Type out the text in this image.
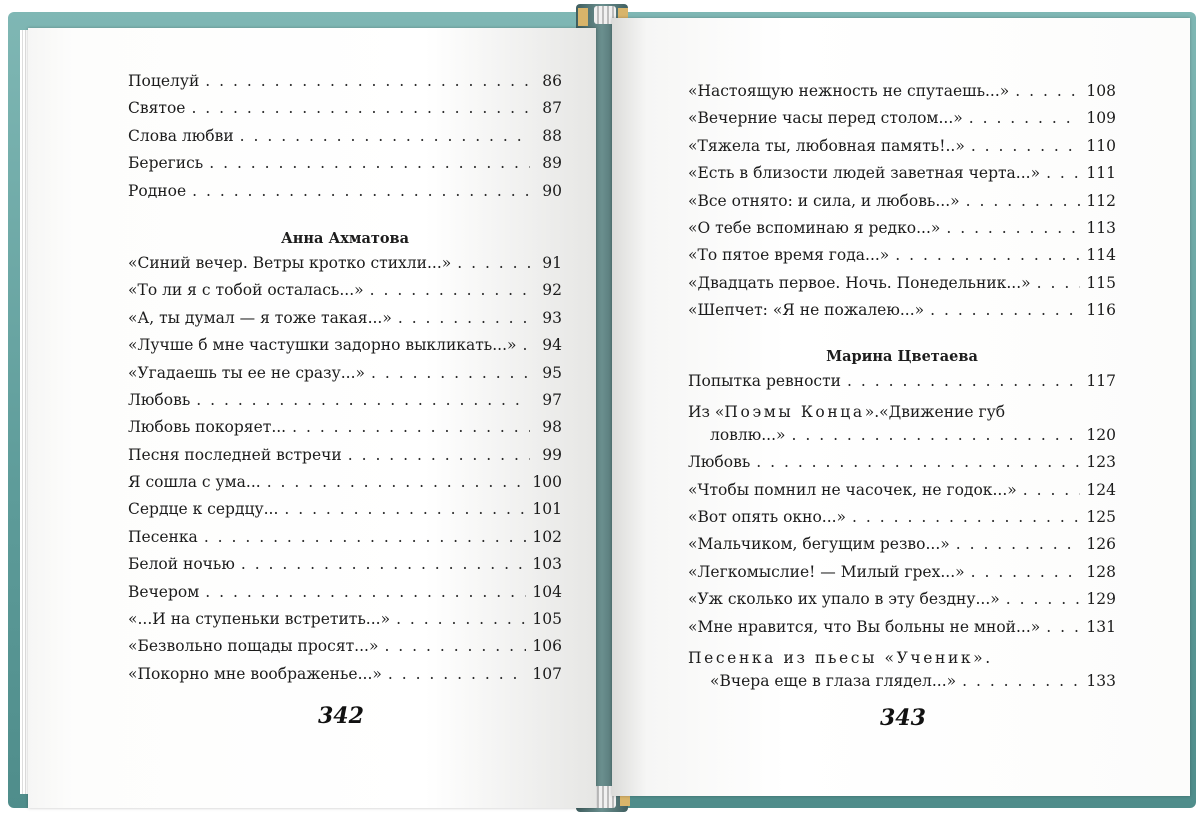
Поцелуй . . .	86
Святое . . .	87
Слова любви . . .	88
Берегись . . .	89
Родное . . .	90
Анна Ахматова
«Синий вечер. Ветры кротко стихли...» . . .	91
«То ли я с тобой осталась...» . . .	92
«А, ты думал — я тоже такая...» . . .	93
«Лучше б мне частушки задорно выкликать...» . . .	94
«Угадаешь ты ее не сразу...» . . .	95
Любовь . . .	97
Любовь покоряет... . . .	98
Песня последней встречи . . .	99
Я сошла с ума... . . .	100
Сердце к сердцу... . . .	101
Песенка . . .	102
Белой ночью . . .	103
Вечером . . .	104
«...И на ступеньки встретить...» . . .	105
«Безвольно пощады просят...» . . .	106
«Покорно мне воображенье...» . . .	107
342
«Настоящую нежность не спутаешь...» . . .	108
«Вечерние часы перед столом...» . . .	109
«Тяжела ты, любовная память!..» . . .	110
«Есть в близости людей заветная черта...» . . .	111
«Все отнято: и сила, и любовь...» . . .	112
«О тебе вспоминаю я редко...» . . .	113
«То пятое время года...» . . .	114
«Двадцать первое. Ночь. Понедельник...» . . .	115
«Шепчет: «Я не пожалею...» . . .	116
Марина Цветаева
Попытка ревности . . .	117
Из «Поэмы Конца».«Движение губ
ловлю...» . . .	120
Любовь . . .	123
«Чтобы помнил не часочек, не годок...» . . .	124
«Вот опять окно...» . . .	125
«Мальчиком, бегущим резво...» . . .	126
«Легкомыслие! — Милый грех...» . . .	128
«Уж сколько их упало в эту бездну...» . . .	129
«Мне нравится, что Вы больны не мной...» . . .	131
Песенка из пьесы «Ученик».
«Вчера еще в глаза глядел...» . . .	133
343
